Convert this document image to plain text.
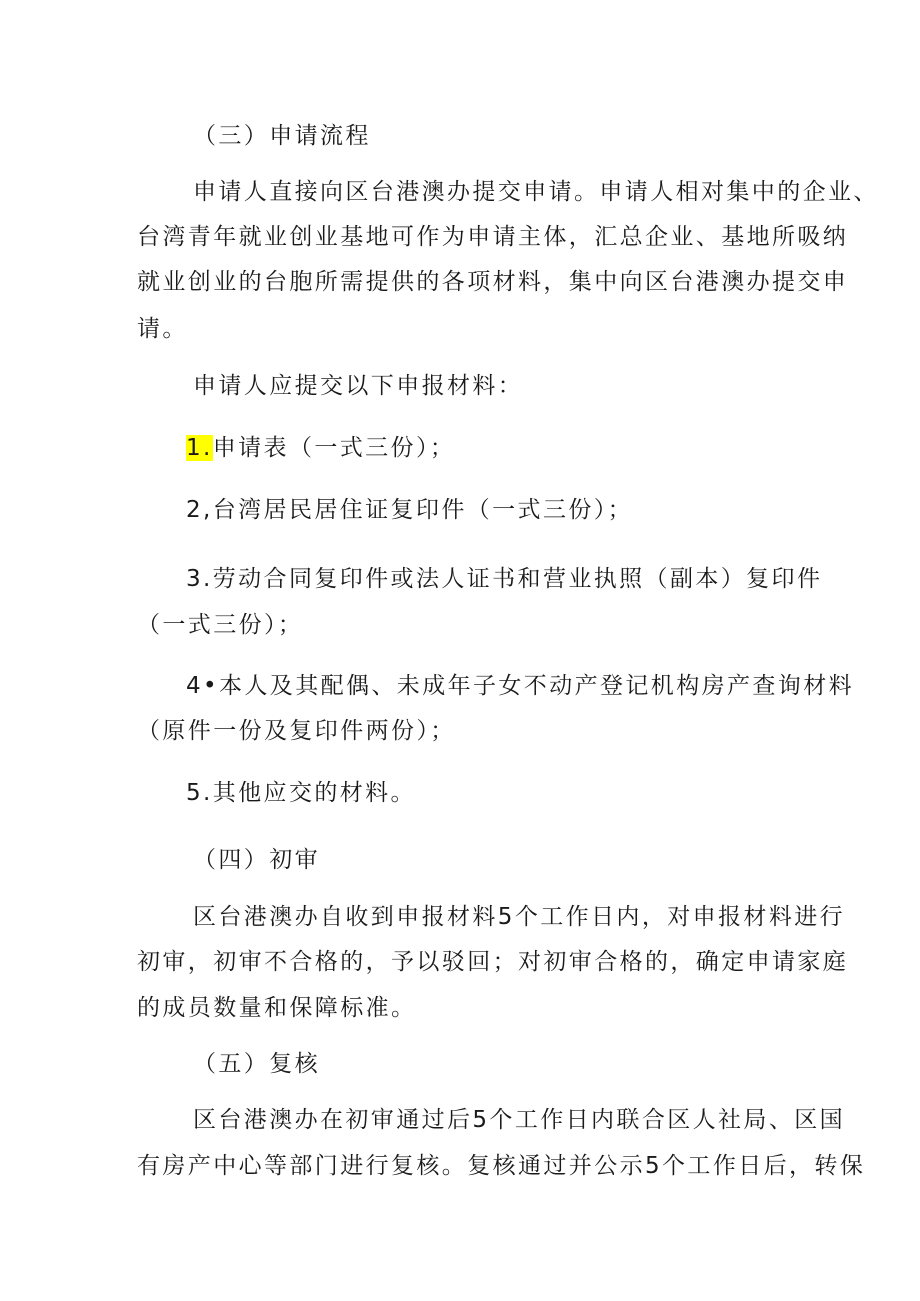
（三）申请流程

申请人直接向区台港澳办提交申请。申请人相对集中的企业、

台湾青年就业创业基地可作为申请主体，汇总企业、基地所吸纳

就业创业的台胞所需提供的各项材料，集中向区台港澳办提交申

请。

申请人应提交以下申报材料：

1.申请表（一式三份）；

2,台湾居民居住证复印件（一式三份）；

3.劳动合同复印件或法人证书和营业执照（副本）复印件

（一式三份）；

4•本人及其配偶、未成年子女不动产登记机构房产查询材料

（原件一份及复印件两份）；

5.其他应交的材料。

（四）初审

区台港澳办自收到申报材料5个工作日内，对申报材料进行

初审，初审不合格的，予以驳回；对初审合格的，确定申请家庭

的成员数量和保障标准。

（五）复核

区台港澳办在初审通过后5个工作日内联合区人社局、区国

有房产中心等部门进行复核。复核通过并公示5个工作日后，转保
